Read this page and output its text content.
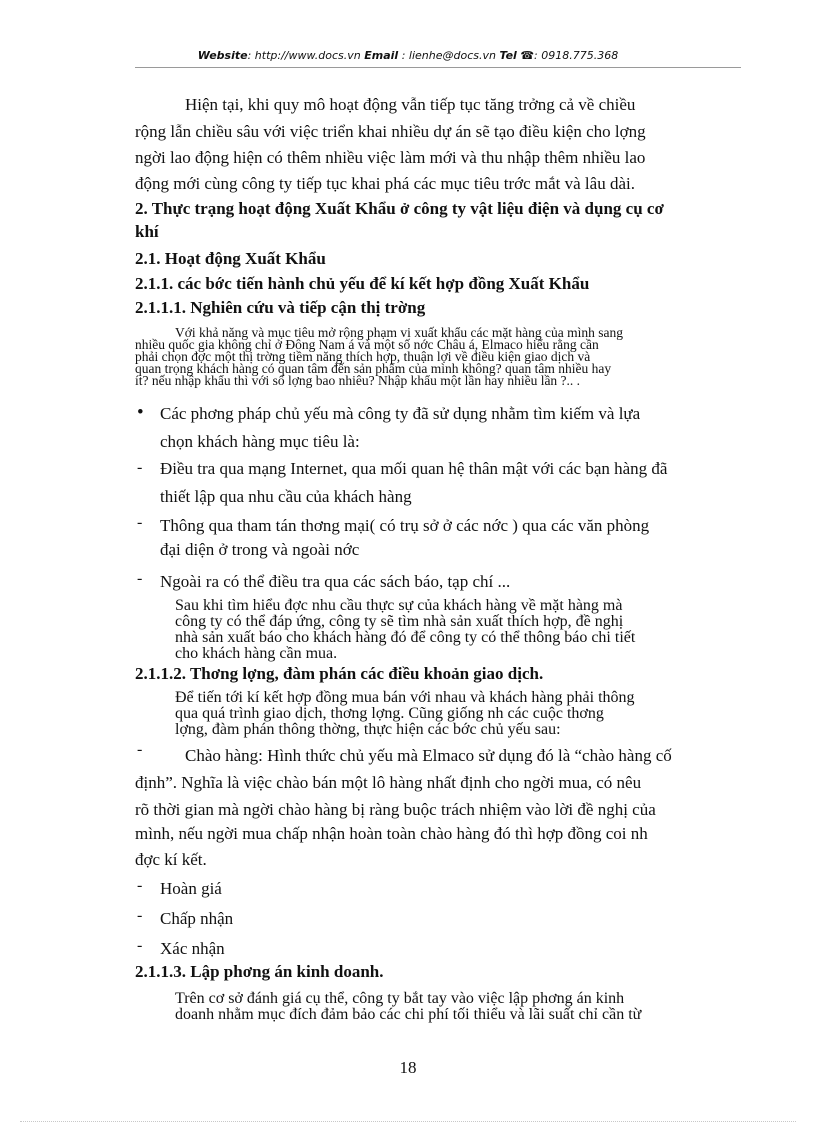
Website: http://www.docs.vn Email : lienhe@docs.vn Tel ☎: 0918.775.368
Hiện tại, khi quy mô hoạt động vẫn tiếp tục tăng trởng cả về chiều
rộng lẫn chiều sâu với việc triển khai nhiều dự án sẽ tạo điều kiện cho lợng
ngời lao động hiện có thêm nhiều việc làm mới và thu nhập thêm nhiều lao
động mới cùng công ty tiếp tục khai phá các mục tiêu trớc mắt và lâu dài.
2. Thực trạng hoạt động Xuất Khẩu ở công ty vật liệu điện và dụng cụ cơ
khí
2.1. Hoạt động Xuất Khẩu
2.1.1. các bớc tiến hành chủ yếu để kí kết hợp đồng Xuất Khẩu
2.1.1.1. Nghiên cứu và tiếp cận thị trờng
Với khả năng và mục tiêu mở rộng phạm vi xuất khẩu các mặt hàng của mình sang
nhiều quốc gia không chỉ ở Đông Nam á và một số nớc Châu á, Elmaco hiểu rằng cần
phải chọn đợc một thị trờng tiềm năng thích hợp, thuận lợi về điều kiện giao dịch và
quan trọng khách hàng có quan tâm đến sản phẩm của mình không? quan tâm nhiều hay
ít? nếu nhập khẩu thì với số lợng bao nhiêu? Nhập khẩu một lần hay nhiều lần ?.. .
• Các phơng pháp chủ yếu mà công ty đã sử dụng nhằm tìm kiếm và lựa
chọn khách hàng mục tiêu là:
- Điều tra qua mạng Internet, qua mối quan hệ thân mật với các bạn hàng đã
thiết lập qua nhu cầu của khách hàng
- Thông qua tham tán thơng mại( có trụ sở ở các nớc ) qua các văn phòng
đại diện ở trong và ngoài nớc
- Ngoài ra có thể điều tra qua các sách báo, tạp chí ...
Sau khi tìm hiểu đợc nhu cầu thực sự của khách hàng về mặt hàng mà
công ty có thể đáp ứng, công ty sẽ tìm nhà sản xuất thích hợp, đề nghị
nhà sản xuất báo cho khách hàng đó để công ty có thể thông báo chi tiết
cho khách hàng cần mua.
2.1.1.2. Thơng lợng, đàm phán các điều khoản giao dịch.
Để tiến tới kí kết hợp đồng mua bán với nhau và khách hàng phải thông
qua quá trình giao dịch, thơng lợng. Cũng giống nh các cuộc thơng
lợng, đàm phán thông thờng, thực hiện các bớc chủ yếu sau:
-	Chào hàng: Hình thức chủ yếu mà Elmaco sử dụng đó là “chào hàng cố
định”. Nghĩa là việc chào bán một lô hàng nhất định cho ngời mua, có nêu
rõ thời gian mà ngời chào hàng bị ràng buộc trách nhiệm vào lời đề nghị của
mình, nếu ngời mua chấp nhận hoàn toàn chào hàng đó thì hợp đồng coi nh
đợc kí kết.
- Hoàn giá
- Chấp nhận
- Xác nhận
2.1.1.3. Lập phơng án kinh doanh.
Trên cơ sở đánh giá cụ thể, công ty bắt tay vào việc lập phơng án kinh
doanh nhằm mục đích đảm bảo các chi phí tối thiểu và lãi suất chỉ cần từ
18
